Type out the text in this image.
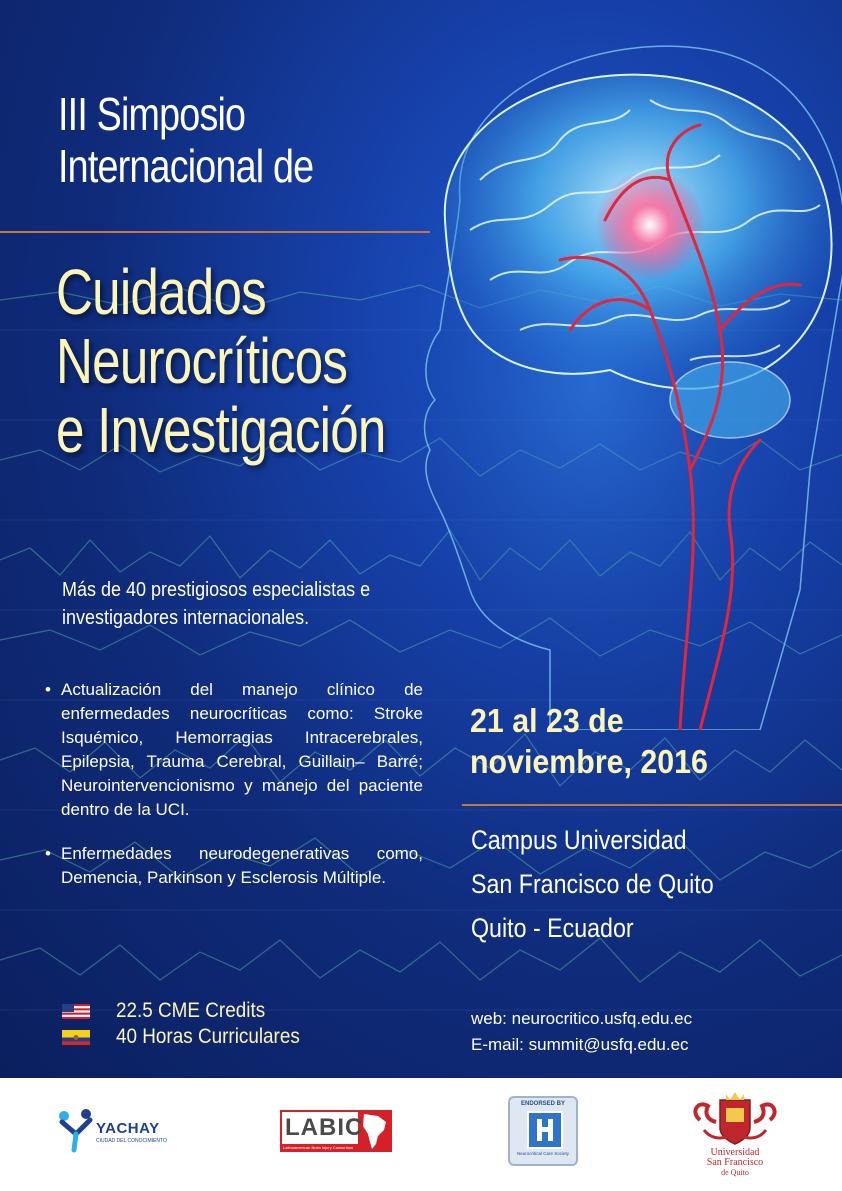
III Simposio
Internacional de
Cuidados
Neurocríticos
e Investigación
Más de 40 prestigiosos especialistas e investigadores internacionales.
• Actualización del manejo clínico de enfermedades neurocríticas como: Stroke Isquémico, Hemorragias Intracerebrales, Epilepsia, Trauma Cerebral, Guillain– Barré; Neurointervencionismo y manejo del paciente dentro de la UCI.
• Enfermedades neurodegenerativas como, Demencia, Parkinson y Esclerosis Múltiple.
21 al 23 de
noviembre, 2016
Campus Universidad
San Francisco de Quito
Quito - Ecuador
22.5 CME Credits
40 Horas Curriculares
web: neurocritico.usfq.edu.ec
E-mail: summit@usfq.edu.ec
YACHAY
CIUDAD DEL CONOCIMIENTO	LABIC
Latinoamerican Brain Injury Consortium
ENDORSED BY
Neurocritical Care Society	Universidad
San Francisco
de Quito
